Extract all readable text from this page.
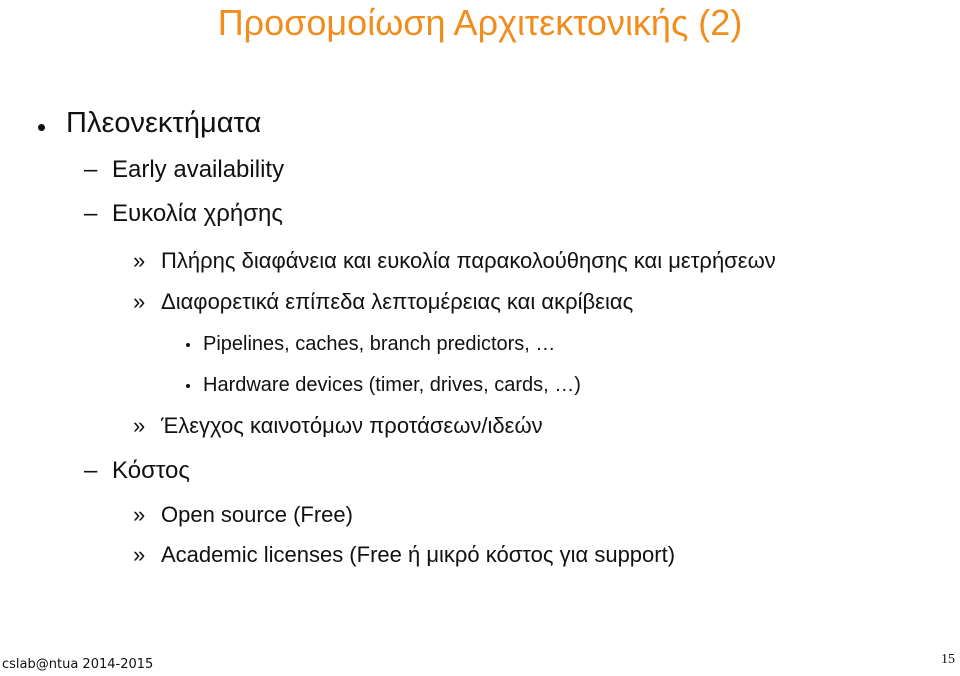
Προσομοίωση Αρχιτεκτονικής (2)
Πλεονεκτήματα
– Early availability
– Ευκολία χρήσης
» Πλήρης διαφάνεια και ευκολία παρακολούθησης και μετρήσεων
» Διαφορετικά επίπεδα λεπτομέρειας και ακρίβειας
Pipelines, caches, branch predictors, …
Hardware devices (timer, drives, cards, …)
» Έλεγχος καινοτόμων προτάσεων/ιδεών
– Κόστος
» Open source (Free)
» Academic licenses (Free ή μικρό κόστος για support)
cslab@ntua 2014-2015	15
